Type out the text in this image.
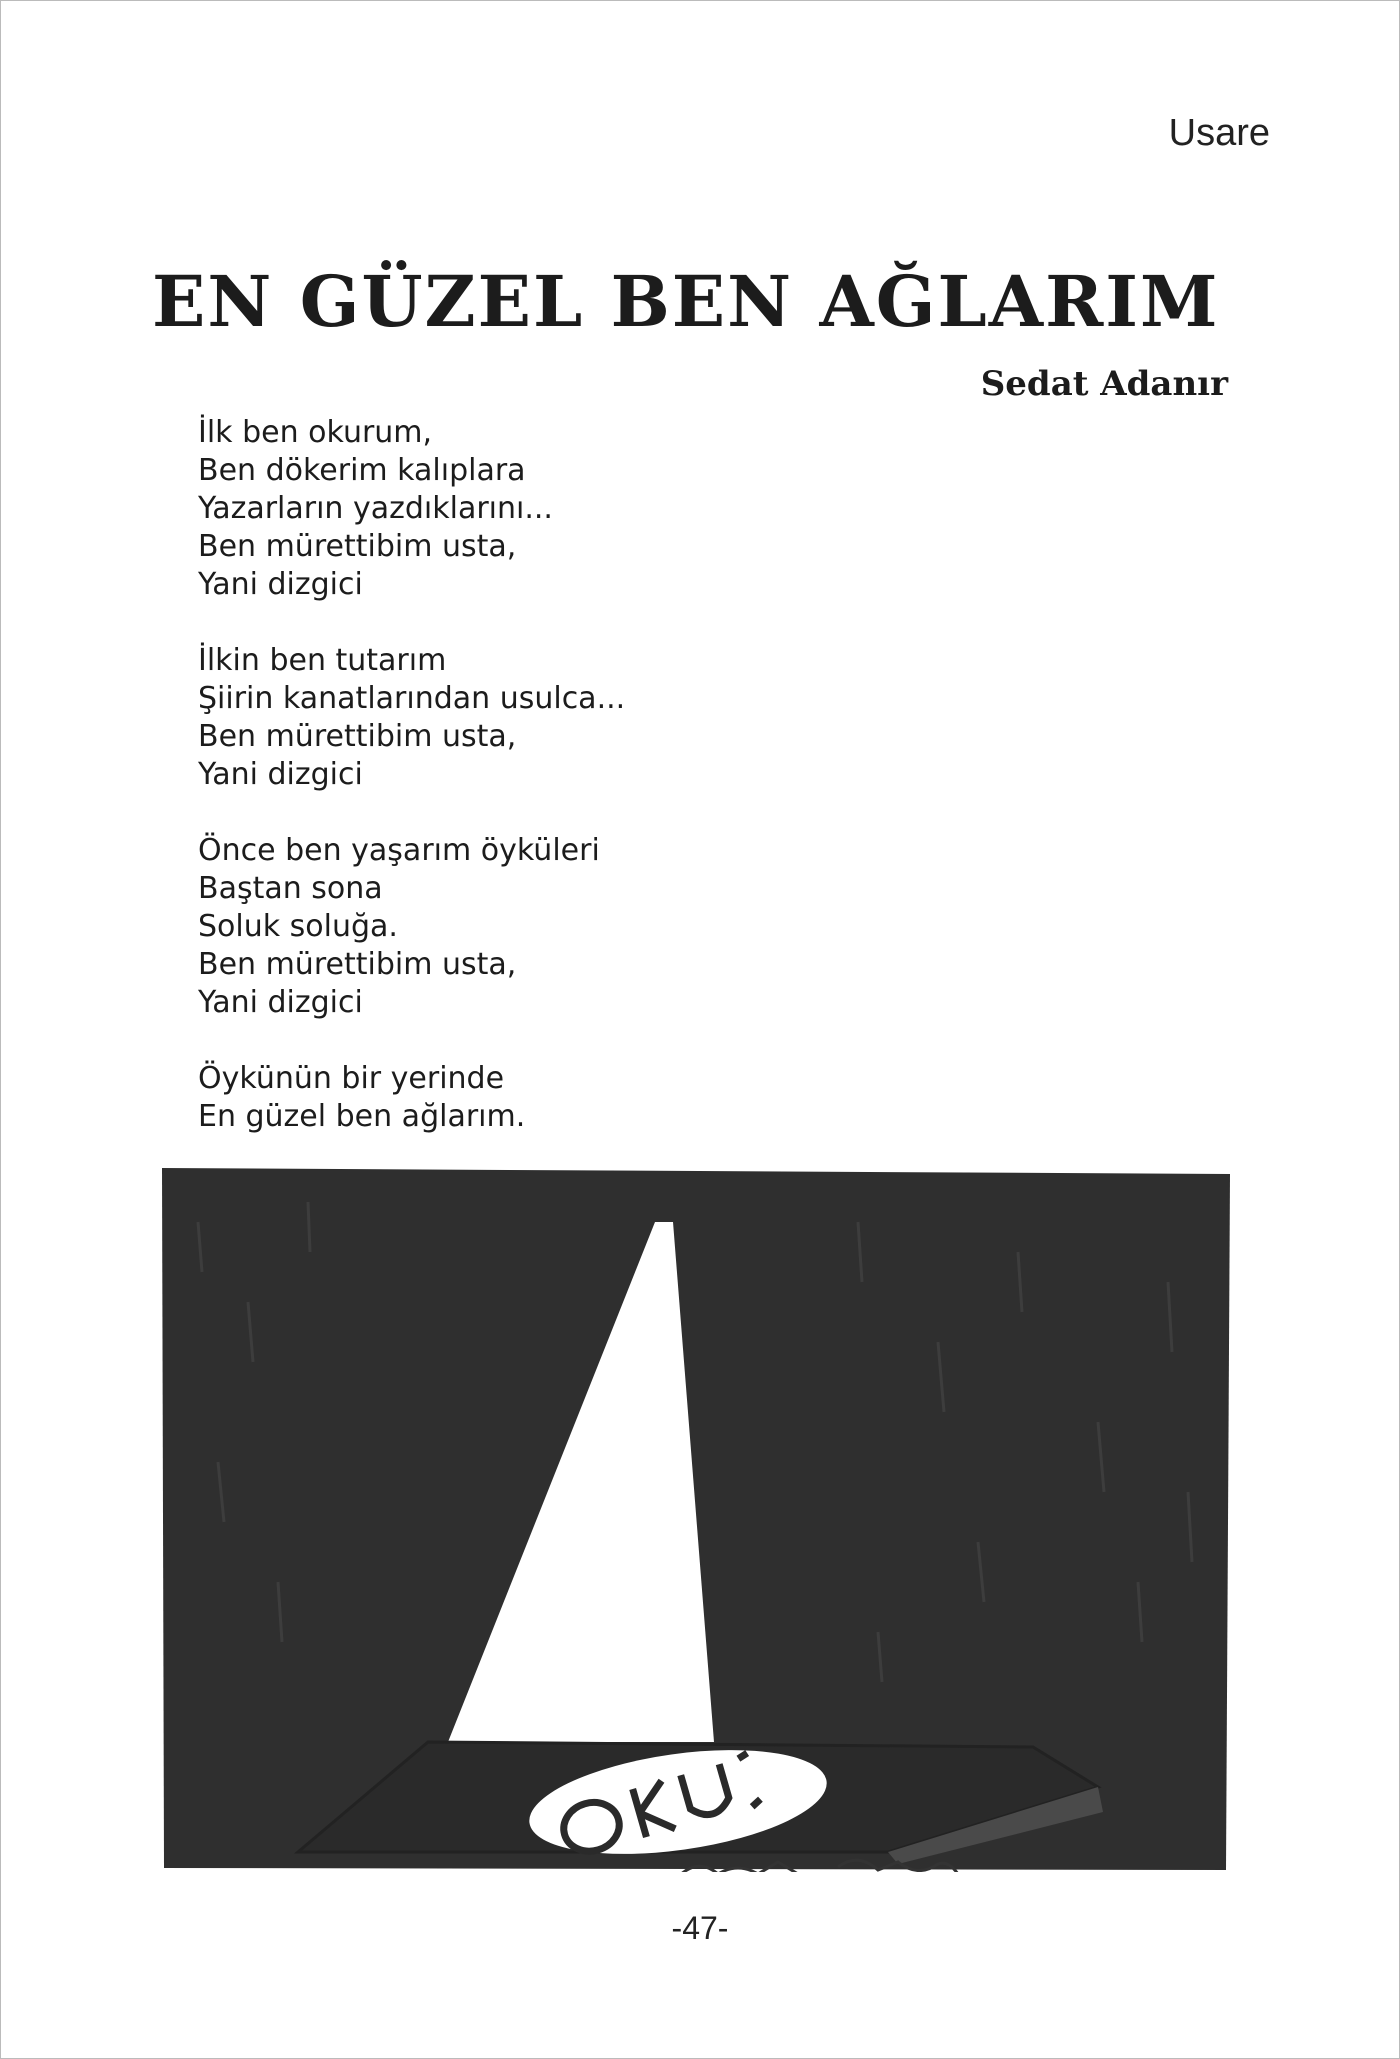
Usare
EN GÜZEL BEN AĞLARIM
Sedat Adanır
İlk ben okurum,
Ben dökerim kalıplara
Yazarların yazdıklarını...
Ben mürettibim usta,
Yani dizgici
İlkin ben tutarım
Şiirin kanatlarından usulca...
Ben mürettibim usta,
Yani dizgici
Önce ben yaşarım öyküleri
Baştan sona
Soluk soluğa.
Ben mürettibim usta,
Yani dizgici
Öykünün bir yerinde
En güzel ben ağlarım.
-47-
